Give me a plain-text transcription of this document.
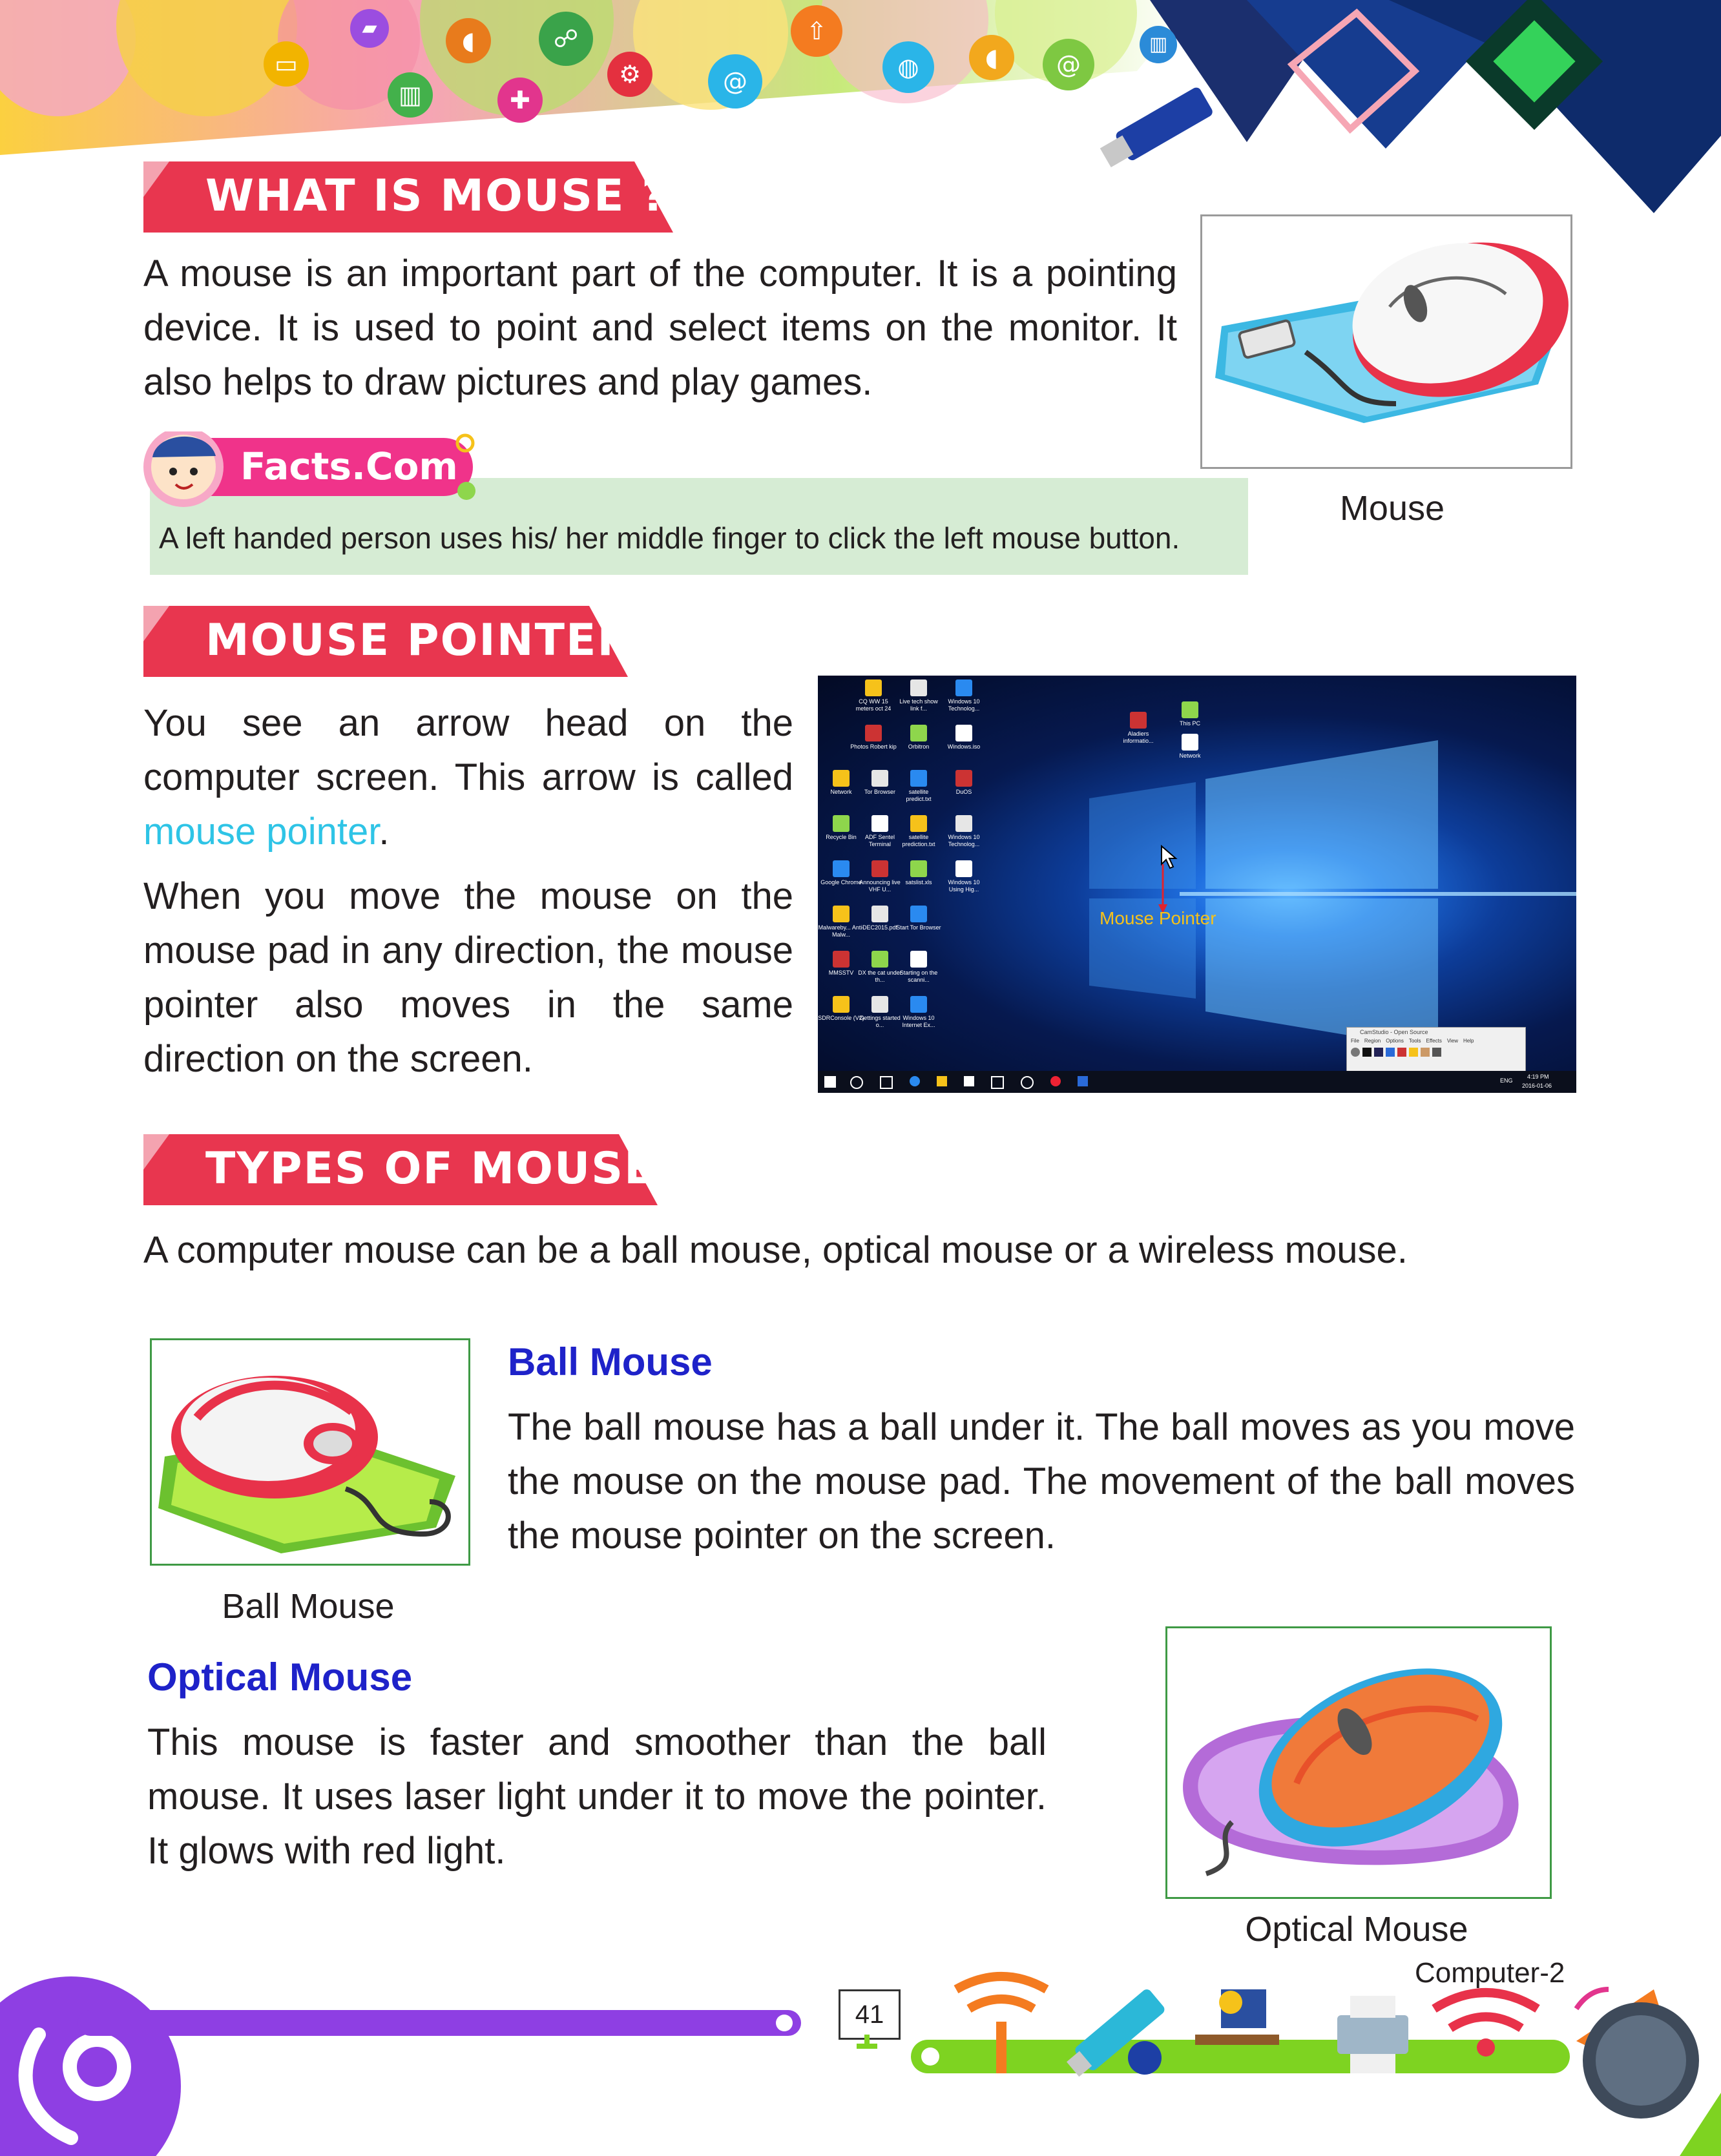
▭
▰
▥
◖
✚
☍
⚙	@
⇧
◍	◖	@
▥
WHAT IS MOUSE ?

A mouse is an important part of the computer. It is a pointing device. It is used to point and select items on the monitor. It also helps to draw pictures and play games.

Mouse
Facts.Com
A left handed person uses his/ her middle finger to click the left mouse button.
MOUSE POINTER

You see an arrow head on the computer screen. This arrow is called mouse pointer.

When you move the mouse on the mouse pad in any direction, the mouse pointer also moves in the same direction on the screen.

CQ WW 15 meters oct 24
Live tech show link f...
Windows 10 Technolog...
Photos Robert kip	Orbitron	Windows.iso
Network	Tor Browser	satellite predict.txt
DuOS
Recycle Bin	ADF Sentel Terminal
satellite prediction.txt
Windows 10 Technolog...
Google Chrome
Announcing live VHF U...
satslist.xls	Windows 10 Using Hig...
Malwareby... Anti-Malw...
DEC2015.pdf
Start Tor Browser
MMSSTV DX the cat under th...
Starting on the scanni...
SDRConsole (V2)
Gettings started o...
Windows 10 Internet Ex...
Aladiers informatio...
This PC
Network
Mouse Pointer
CamStudio - Open Source
File Region Options Tools Effects View Help
ENG
4:19 PM
2016-01-06
TYPES OF MOUSE
A computer mouse can be a ball mouse, optical mouse or a wireless mouse.
Ball Mouse
Ball Mouse

The ball mouse has a ball under it. The ball moves as you move the mouse on the mouse pad. The movement of the ball moves the mouse pointer on the screen.

Optical Mouse

This mouse is faster and smoother than the ball mouse. It uses laser light under it to move the pointer. It glows with red light.

Optical Mouse
41
Computer-2
